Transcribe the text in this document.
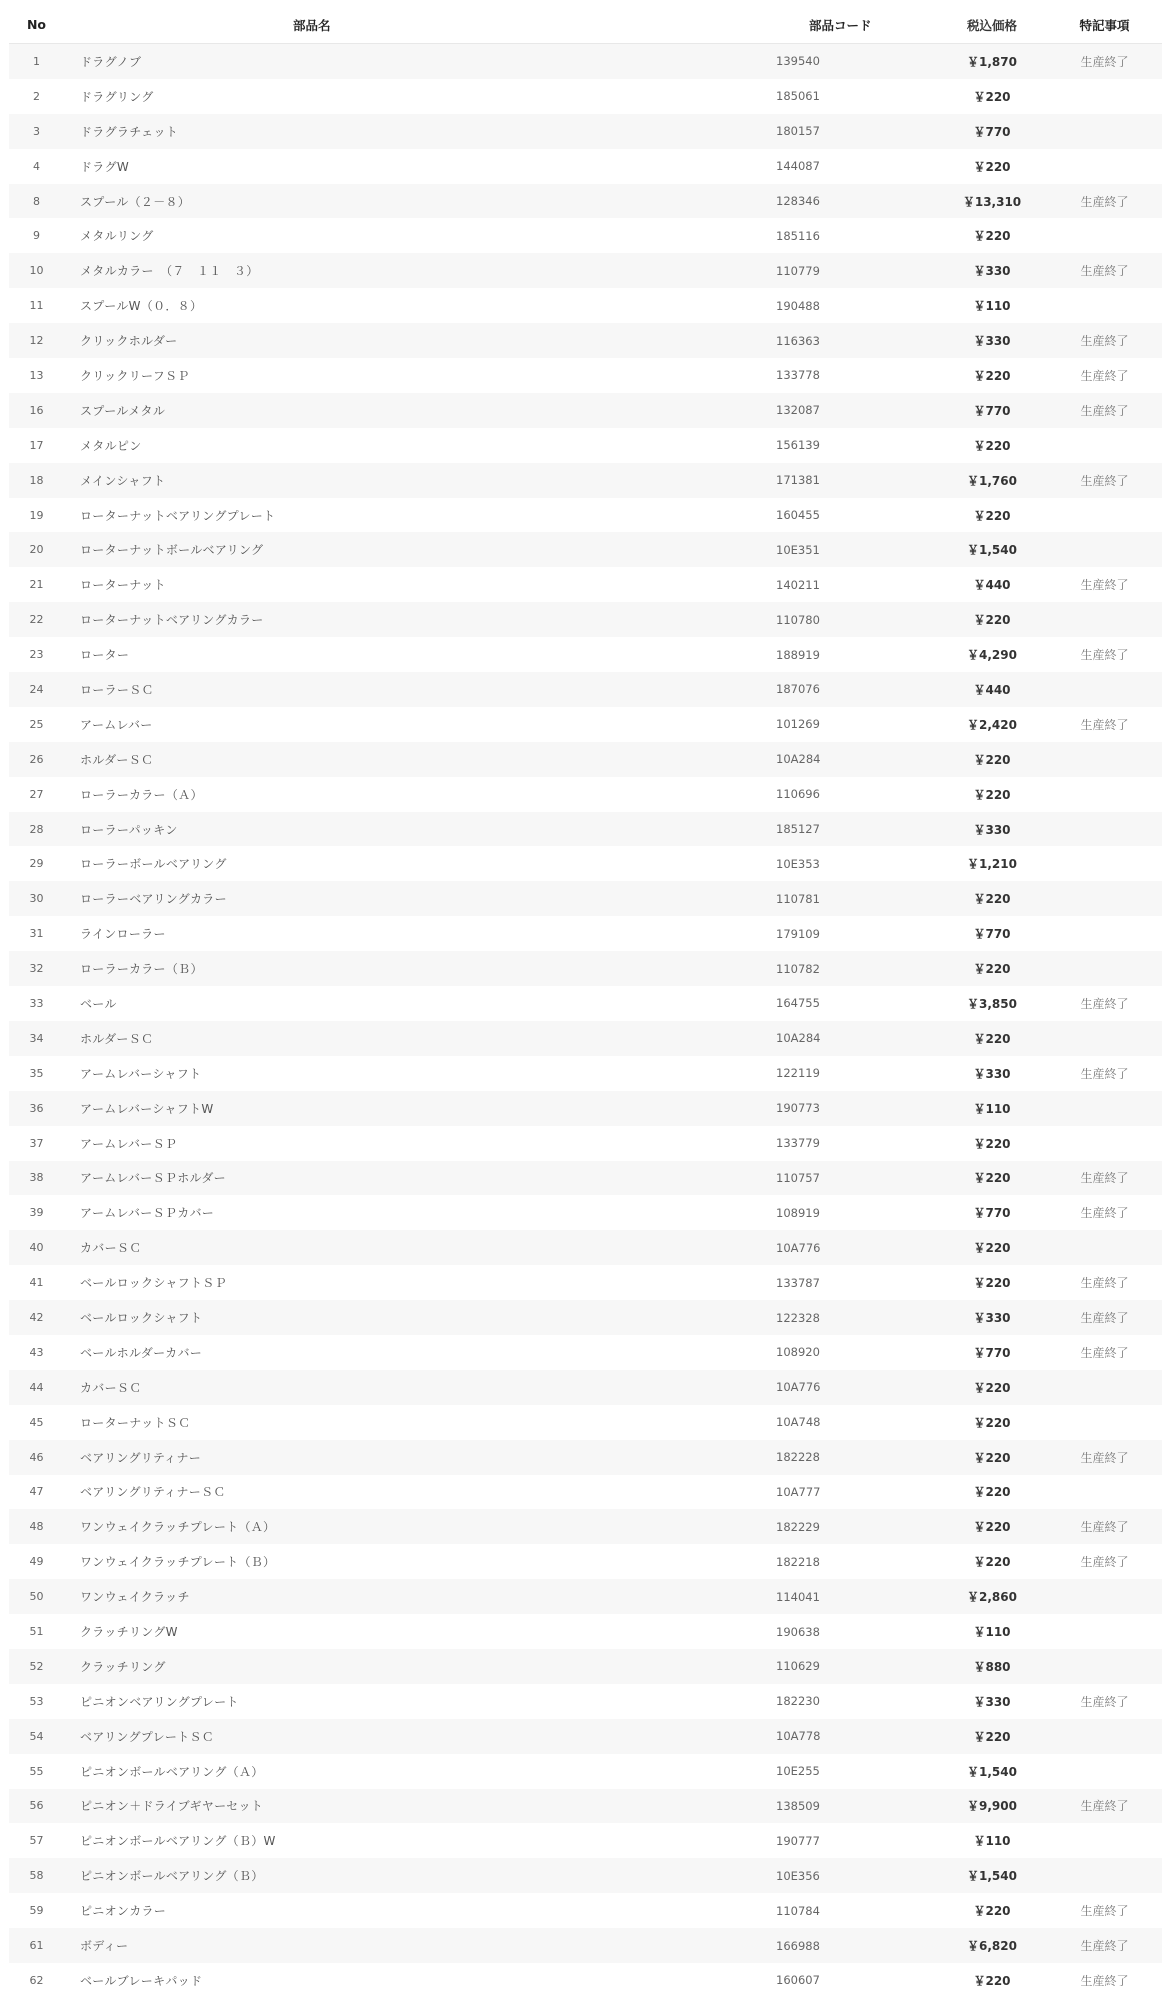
No	部品名	部品コード	税込価格	特記事項
1	ドラグノブ	139540	￥1,870	生産終了
2	ドラグリング	185061	￥220	
3	ドラグラチェット	180157	￥770	
4	ドラグW	144087	￥220	
8	スプール（２－８）	128346	￥13,310	生産終了
9	メタルリング	185116	￥220	
10	メタルカラー　（７　１１　３）	110779	￥330	生産終了
11	スプールW（０．８）	190488	￥110	
12	クリックホルダー	116363	￥330	生産終了
13	クリックリーフＳＰ	133778	￥220	生産終了
16	スプールメタル	132087	￥770	生産終了
17	メタルピン	156139	￥220	
18	メインシャフト	171381	￥1,760	生産終了
19	ローターナットベアリングプレート	160455	￥220	
20	ローターナットボールベアリング	10E351	￥1,540	
21	ローターナット	140211	￥440	生産終了
22	ローターナットベアリングカラー	110780	￥220	
23	ローター	188919	￥4,290	生産終了
24	ローラーＳＣ	187076	￥440	
25	アームレバー	101269	￥2,420	生産終了
26	ホルダーＳＣ	10A284	￥220	
27	ローラーカラー（Ａ）	110696	￥220	
28	ローラーパッキン	185127	￥330	
29	ローラーボールベアリング	10E353	￥1,210	
30	ローラーベアリングカラー	110781	￥220	
31	ラインローラー	179109	￥770	
32	ローラーカラー（Ｂ）	110782	￥220	
33	ベール	164755	￥3,850	生産終了
34	ホルダーＳＣ	10A284	￥220	
35	アームレバーシャフト	122119	￥330	生産終了
36	アームレバーシャフトW	190773	￥110	
37	アームレバーＳＰ	133779	￥220	
38	アームレバーＳＰホルダー	110757	￥220	生産終了
39	アームレバーＳＰカバー	108919	￥770	生産終了
40	カバーＳＣ	10A776	￥220	
41	ベールロックシャフトＳＰ	133787	￥220	生産終了
42	ベールロックシャフト	122328	￥330	生産終了
43	ベールホルダーカバー	108920	￥770	生産終了
44	カバーＳＣ	10A776	￥220	
45	ローターナットＳＣ	10A748	￥220	
46	ベアリングリティナー	182228	￥220	生産終了
47	ベアリングリティナーＳＣ	10A777	￥220	
48	ワンウェイクラッチプレート（Ａ）	182229	￥220	生産終了
49	ワンウェイクラッチプレート（Ｂ）	182218	￥220	生産終了
50	ワンウェイクラッチ	114041	￥2,860	
51	クラッチリングW	190638	￥110	
52	クラッチリング	110629	￥880	
53	ピニオンベアリングプレート	182230	￥330	生産終了
54	ベアリングプレートＳＣ	10A778	￥220	
55	ピニオンボールベアリング（Ａ）	10E255	￥1,540	
56	ピニオン＋ドライブギヤーセット	138509	￥9,900	生産終了
57	ピニオンボールベアリング（Ｂ）W	190777	￥110	
58	ピニオンボールベアリング（Ｂ）	10E356	￥1,540	
59	ピニオンカラー	110784	￥220	生産終了
61	ボディー	166988	￥6,820	生産終了
62	ベールブレーキパッド	160607	￥220	生産終了
